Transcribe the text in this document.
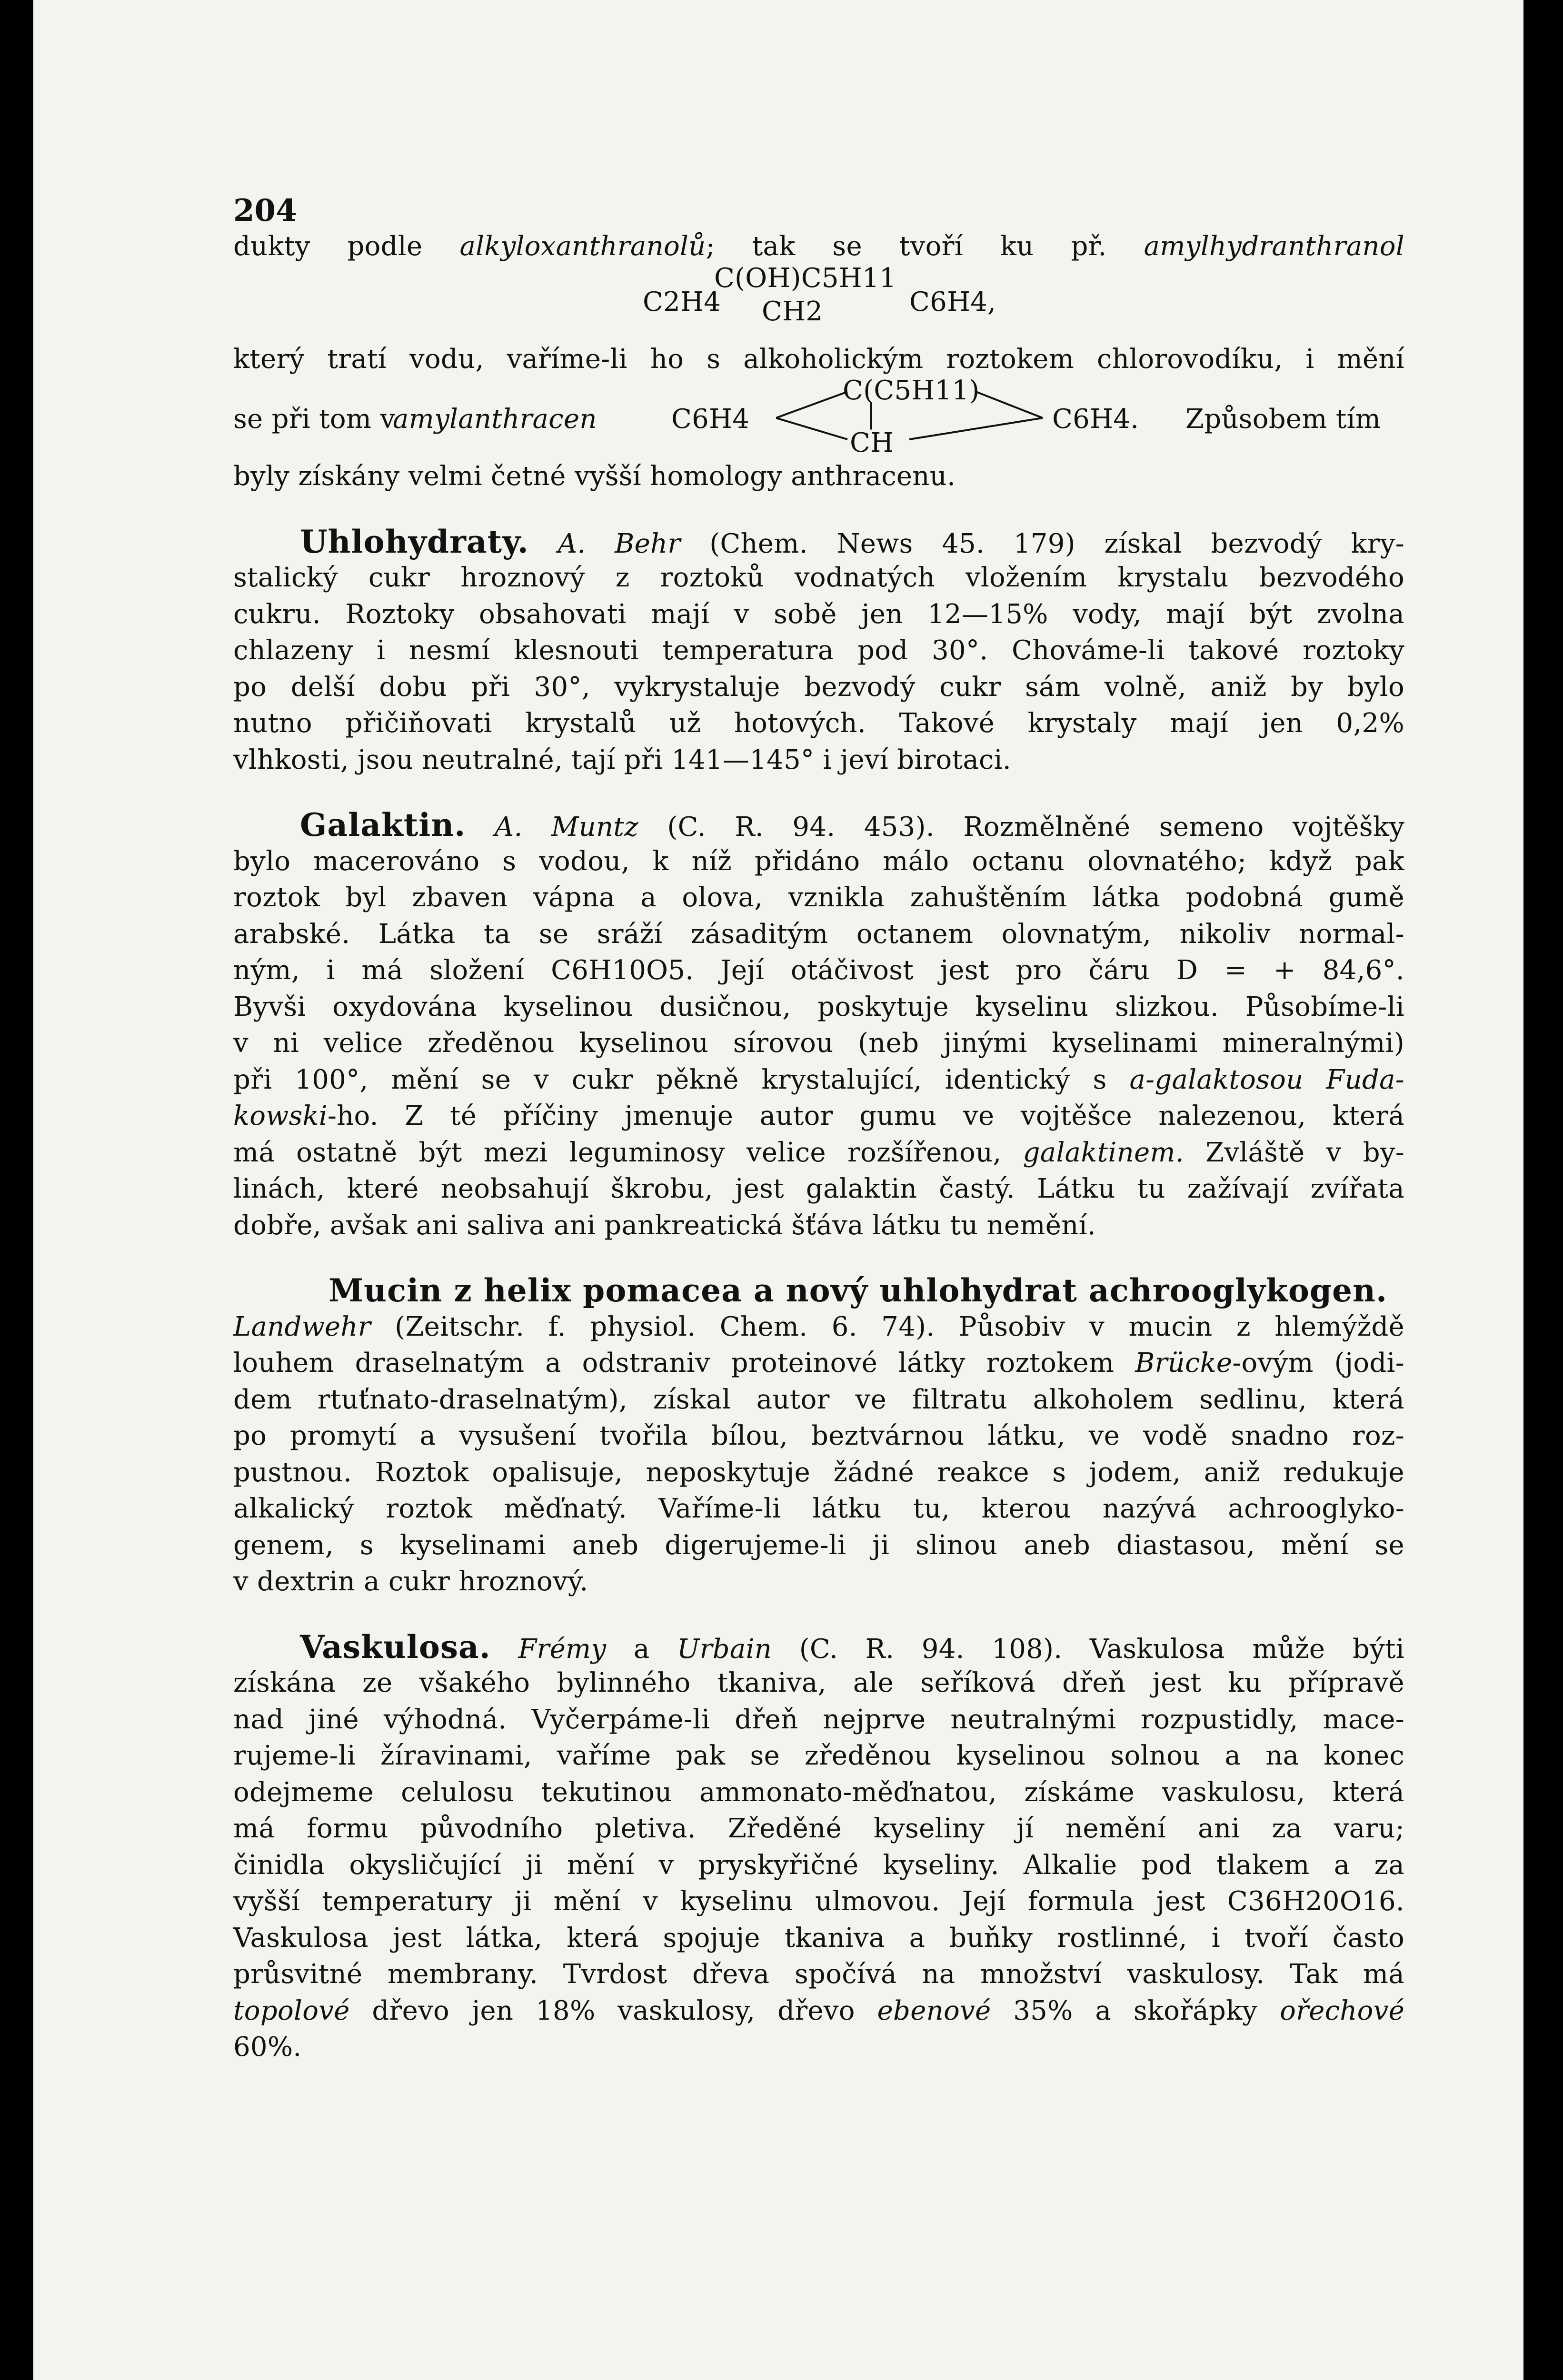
204
dukty podle alkyloxanthranolů; tak se tvoří ku př. amylhydranthranol
C2H4
C(OH)C5H11
CH2	C6H4,
který tratí vodu, vaříme-li ho s alkoholickým roztokem chlorovodíku, i mění
se při tom v
amylanthracen	C6H4
C(C5H11)
|
CH
C6H4. Způsobem tím
byly získány velmi četné vyšší homology anthracenu.
Uhlohydraty. A. Behr (Chem. News 45. 179) získal bezvodý kry-
stalický cukr hroznový z roztoků vodnatých vložením krystalu bezvodého
cukru. Roztoky obsahovati mají v sobě jen 12—15% vody, mají být zvolna
chlazeny i nesmí klesnouti temperatura pod 30°. Chováme-li takové roztoky
po delší dobu při 30°, vykrystaluje bezvodý cukr sám volně, aniž by bylo
nutno přičiňovati krystalů už hotových. Takové krystaly mají jen 0,2%
vlhkosti, jsou neutralné, tají při 141—145° i jeví birotaci.
Galaktin. A. Muntz (C. R. 94. 453). Rozmělněné semeno vojtěšky
bylo macerováno s vodou, k níž přidáno málo octanu olovnatého; když pak
roztok byl zbaven vápna a olova, vznikla zahuštěním látka podobná gumě
arabské. Látka ta se sráží zásaditým octanem olovnatým, nikoliv normal-
ným, i má složení C6H10O5. Její otáčivost jest pro čáru D = + 84,6°.
Byvši oxydována kyselinou dusičnou, poskytuje kyselinu slizkou. Působíme-li
v ni velice zředěnou kyselinou sírovou (neb jinými kyselinami mineralnými)
při 100°, mění se v cukr pěkně krystalující, identický s a-galaktosou Fuda-
kowski-ho. Z té příčiny jmenuje autor gumu ve vojtěšce nalezenou, která
má ostatně být mezi leguminosy velice rozšířenou, galaktinem. Zvláště v by-
linách, které neobsahují škrobu, jest galaktin častý. Látku tu zažívají zvířata
dobře, avšak ani saliva ani pankreatická šťáva látku tu nemění.
Mucin z helix pomacea a nový uhlohydrat achrooglykogen.
Landwehr (Zeitschr. f. physiol. Chem. 6. 74). Působiv v mucin z hlemýždě
louhem draselnatým a odstraniv proteinové látky roztokem Brücke-ovým (jodi-
dem rtuťnato-draselnatým), získal autor ve filtratu alkoholem sedlinu, která
po promytí a vysušení tvořila bílou, beztvárnou látku, ve vodě snadno roz-
pustnou. Roztok opalisuje, neposkytuje žádné reakce s jodem, aniž redukuje
alkalický roztok měďnatý. Vaříme-li látku tu, kterou nazývá achrooglyko-
genem, s kyselinami aneb digerujeme-li ji slinou aneb diastasou, mění se
v dextrin a cukr hroznový.
Vaskulosa. Frémy a Urbain (C. R. 94. 108). Vaskulosa může býti
získána ze všakého bylinného tkaniva, ale seříková dřeň jest ku přípravě
nad jiné výhodná. Vyčerpáme-li dřeň nejprve neutralnými rozpustidly, mace-
rujeme-li žíravinami, vaříme pak se zředěnou kyselinou solnou a na konec
odejmeme celulosu tekutinou ammonato-měďnatou, získáme vaskulosu, která
má formu původního pletiva. Zředěné kyseliny jí nemění ani za varu;
činidla okysličující ji mění v pryskyřičné kyseliny. Alkalie pod tlakem a za
vyšší temperatury ji mění v kyselinu ulmovou. Její formula jest C36H20O16.
Vaskulosa jest látka, která spojuje tkaniva a buňky rostlinné, i tvoří často
průsvitné membrany. Tvrdost dřeva spočívá na množství vaskulosy. Tak má
topolové dřevo jen 18% vaskulosy, dřevo ebenové 35% a skořápky ořechové
60%.
